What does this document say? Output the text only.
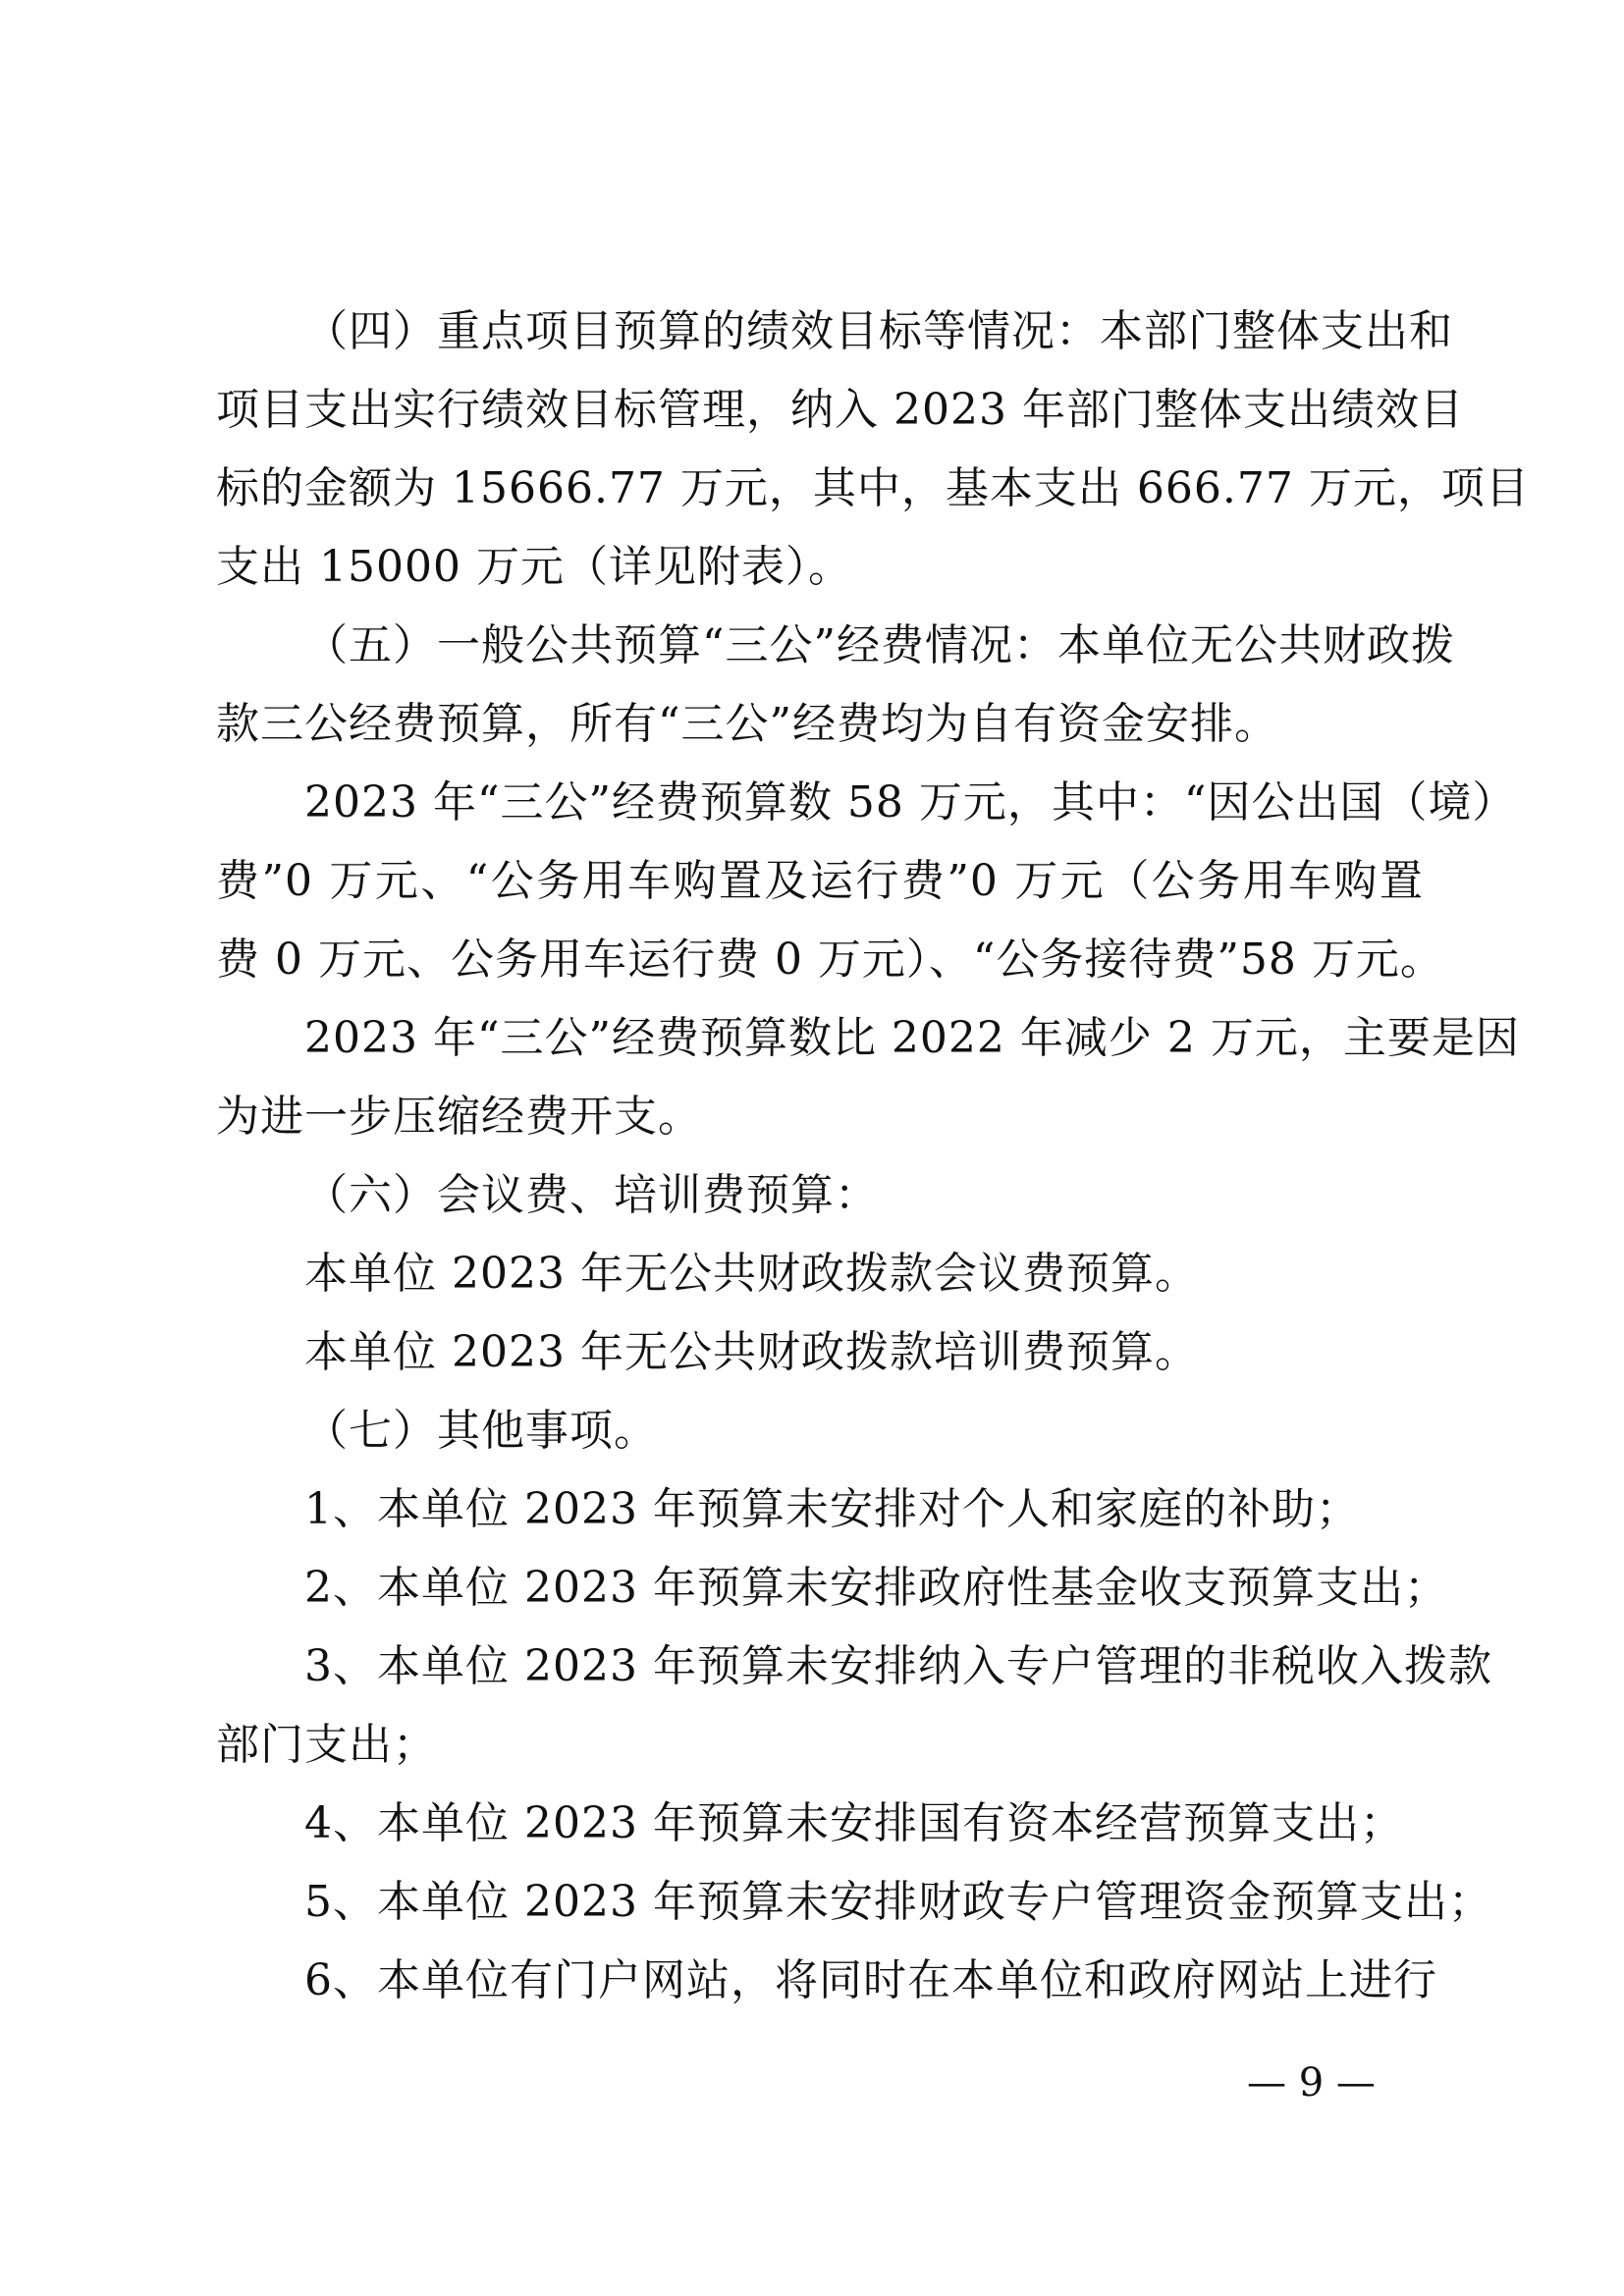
（四）重点项目预算的绩效目标等情况：本部门整体支出和
项目支出实行绩效目标管理，纳入 2023 年部门整体支出绩效目
标的金额为 15666.77 万元，其中，基本支出 666.77 万元，项目
支出 15000 万元（详见附表）。
（五）一般公共预算“三公”经费情况：本单位无公共财政拨
款三公经费预算，所有“三公”经费均为自有资金安排。
2023 年“三公”经费预算数 58 万元，其中：“因公出国（境）
费”0 万元、“公务用车购置及运行费”0 万元（公务用车购置
费 0 万元、公务用车运行费 0 万元）、“公务接待费”58 万元。
2023 年“三公”经费预算数比 2022 年减少 2 万元，主要是因
为进一步压缩经费开支。
（六）会议费、培训费预算：
本单位 2023 年无公共财政拨款会议费预算。
本单位 2023 年无公共财政拨款培训费预算。
（七）其他事项。
1、本单位 2023 年预算未安排对个人和家庭的补助；
2、本单位 2023 年预算未安排政府性基金收支预算支出；
3、本单位 2023 年预算未安排纳入专户管理的非税收入拨款
部门支出；
4、本单位 2023 年预算未安排国有资本经营预算支出；
5、本单位 2023 年预算未安排财政专户管理资金预算支出；
6、本单位有门户网站，将同时在本单位和政府网站上进行
— 9 —
